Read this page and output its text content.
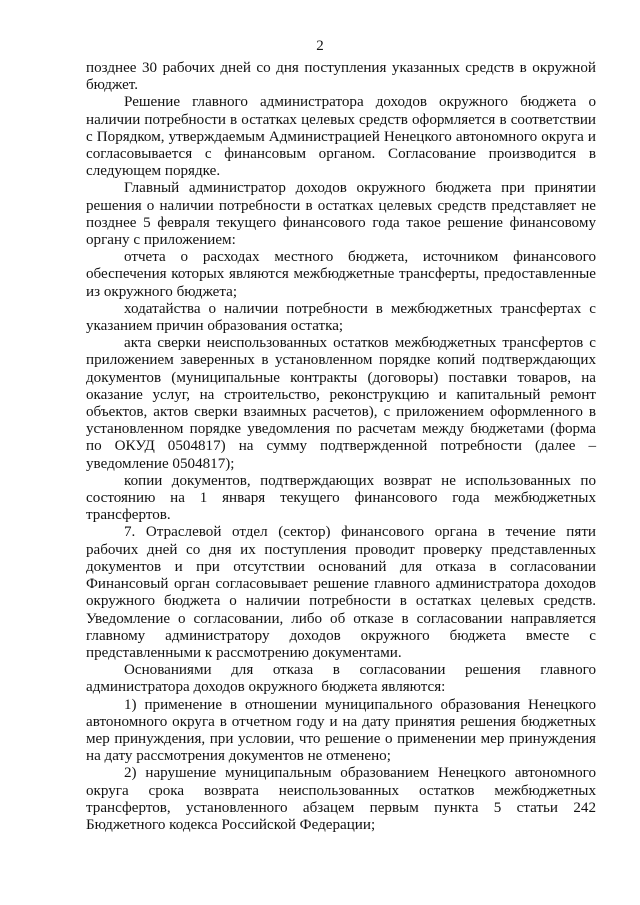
2

позднее 30 рабочих дней со дня поступления указанных средств в окружной бюджет.

Решение главного администратора доходов окружного бюджета о наличии потребности в остатках целевых средств оформляется в соответствии с Порядком, утверждаемым Администрацией Ненецкого автономного округа и согласовывается с финансовым органом. Согласование производится в следующем порядке.

Главный администратор доходов окружного бюджета при принятии решения о наличии потребности в остатках целевых средств представляет не позднее 5 февраля текущего финансового года такое решение финансовому органу с приложением:

отчета о расходах местного бюджета, источником финансового обеспечения которых являются межбюджетные трансферты, предоставленные из окружного бюджета;

ходатайства о наличии потребности в межбюджетных трансфертах с указанием причин образования остатка;

акта сверки неиспользованных остатков межбюджетных трансфертов с приложением заверенных в установленном порядке копий подтверждающих документов (муниципальные контракты (договоры) поставки товаров, на оказание услуг, на строительство, реконструкцию и капитальный ремонт объектов, актов сверки взаимных расчетов), с приложением оформленного в установленном порядке уведомления по расчетам между бюджетами (форма по ОКУД 0504817) на сумму подтвержденной потребности (далее – уведомление 0504817);

копии документов, подтверждающих возврат не использованных по состоянию на 1 января текущего финансового года межбюджетных трансфертов.

7. Отраслевой отдел (сектор) финансового органа в течение пяти рабочих дней со дня их поступления проводит проверку представленных документов и при отсутствии оснований для отказа в согласовании Финансовый орган согласовывает решение главного администратора доходов окружного бюджета о наличии потребности в остатках целевых средств. Уведомление о согласовании, либо об отказе в согласовании направляется главному администратору доходов окружного бюджета вместе с представленными к рассмотрению документами.

Основаниями для отказа в согласовании решения главного администратора доходов окружного бюджета являются:

1) применение в отношении муниципального образования Ненецкого автономного округа в отчетном году и на дату принятия решения бюджетных мер принуждения, при условии, что решение о применении мер принуждения на дату рассмотрения документов не отменено;

2) нарушение муниципальным образованием Ненецкого автономного округа срока возврата неиспользованных остатков межбюджетных трансфертов, установленного абзацем первым пункта 5 статьи 242 Бюджетного кодекса Российской Федерации;
